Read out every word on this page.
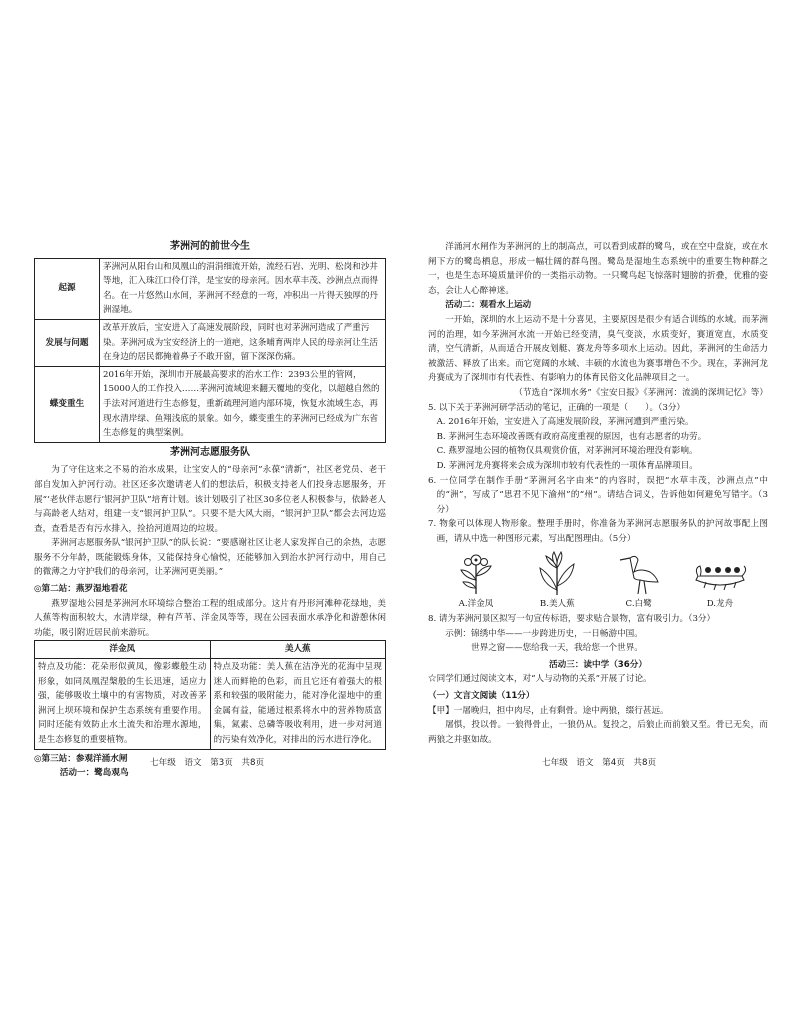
茅洲河的前世今生
起源	茅洲河从阳台山和凤凰山的涓涓细流开始，流经石岩、光明、松岗和沙井等地，汇入珠江口伶仃洋，是宝安的母亲河。因水草丰茂、沙洲点点而得名。在一片悠然山水间，茅洲河不经意的一弯，冲积出一片得天独厚的丹洲湿地。
发展与问题	改革开放后，宝安进入了高速发展阶段，同时也对茅洲河造成了严重污染。茅洲河成为宝安经济上的一道疤，这条哺育两岸人民的母亲河让生活在身边的居民都掩着鼻子不敢开窗，留下深深伤痛。
蝶变重生	2016年开始，深圳市开展最高要求的治水工作：2393公里的管网，15000人的工作投入……茅洲河流域迎来翻天覆地的变化，以超越自然的手法对河道进行生态修复，重新疏理河道内部环境，恢复水流域生态，再现水清岸绿、鱼翔浅底的景象。如今，蝶变重生的茅洲河已经成为广东省生态修复的典型案例。
茅洲河志愿服务队

为了守住这来之不易的治水成果，让宝安人的“母亲河”永葆“清新”，社区老党员、老干部自发加入护河行动。社区还多次邀请老人们的想法后，积极支持老人们投身志愿服务，开展“‘老伙伴志愿行’银河护卫队”培育计划。该计划吸引了社区30多位老人积极参与，依龄老人与高龄老人结对，组建一支“银河护卫队”。只要不是大风大雨，“银河护卫队”都会去河边巡查，查看是否有污水排入，捡拾河道周边的垃圾。

茅洲河志愿服务队“银河护卫队”的队长说：“要感谢社区让老人家发挥自己的余热，志愿服务不分年龄，既能锻炼身体，又能保持身心愉悦，还能够加入到治水护河行动中，用自己的微薄之力守护我们的母亲河，让茅洲河更美丽。”

◎第二站：燕罗湿地看花

燕罗湿地公园是茅洲河水环境综合整治工程的组成部分。这片有丹形河滩种花绿地，美人蕉等构面积较大，水清岸绿，种有芦苇、洋金凤等等，现在公园表面水承净化和游憩休闲功能，吸引附近居民前来游玩。

洋金凤	美人蕉
特点及功能：花朵形似黄凤，像彩蝶般生动形象，如同凤凰涅槃般的生长迅速，适应力强，能够吸收土壤中的有害物质，对改善茅洲河上坝环境和保护生态系统有重要作用。同时还能有效防止水土流失和治理水源地，是生态修复的重要植物。	特点及功能：美人蕉在洁净光的花海中呈现迷人而鲜艳的色彩，而且它还有着强大的根系和较强的吸附能力，能对净化湿地中的重金属有益，能通过根系将水中的营养物质富集，氮素、总磷等吸收利用，进一步对河道的污染有效净化，对排出的污水进行净化。

◎第三站：参观洋涌水闸

活动一：鹭岛观鸟

洋涌河水闸作为茅洲河的上的制高点，可以看到成群的鹭鸟，或在空中盘旋，或在水闸下方的鹭岛栖息，形成一幅壮阔的群鸟图。鹭岛是湿地生态系统中的重要生物种群之一，也是生态环境质量评价的一类指示动物。一只鹭鸟起飞惊落时翅膀的折叠，优雅的姿态，会让人心醉神迷。

活动二：观看水上运动

一开始，深圳的水上运动不是十分喜见，主要原因是很少有适合训练的水域。而茅洲河的治理，如今茅洲河水流一开始已经变清，臭气变淡，水质变好，赛道宽直，水质变清，空气清新，从而适合开展皮划艇、赛龙舟等多项水上运动。因此，茅洲河的生命活力被激活、释放了出来。而它宽阔的水域、丰硕的水流也为赛事增色不少。现在，茅洲河龙舟赛成为了深圳市有代表性、有影响力的体育民俗文化品牌项目之一。

（节选自“深圳水务”《宝安日报》《茅洲河：流淌的深圳记忆》等）

5. 以下关于茅洲河研学活动的笔记，正确的一项是（　　）。（3分）

A. 2016年开始，宝安进入了高速发展阶段，茅洲河遭到严重污染。

B. 茅洲河生态环境改善既有政府高度重视的原因，也有志愿者的功劳。

C. 燕罗湿地公园的植物仅具观赏价值，对茅洲河环境治理没有影响。

D. 茅洲河龙舟赛将来会成为深圳市较有代表性的一项体育品牌项目。

6. 一位同学在制作手册“茅洲河名字由来”的内容时，误把“水草丰茂，沙洲点点”中的“洲”，写成了“思君不见下渝州”的“州”。请结合词义，告诉他如何避免写错字。（3分）

7. 物象可以体现人物形象。整理手册时，你准备为茅洲河志愿服务队的护河故事配上图画，请从中选一种图形元素，写出配图理由。（5分）

A.洋金凤	B.美人蕉	C.白鹭	D.龙舟

8. 请为茅洲河景区拟写一句宣传标语，要求贴合景物，富有吸引力。（3分）

示例：锦绣中华——一步跨进历史，一日畅游中国。

世界之窗——您给我一天，我给您一个世界。

活动三：读中学（36分）

☆同学们通过阅读文本，对“人与动物的关系”开展了讨论。

（一）文言文阅读（11分）

【甲】一屠晚归，担中肉尽，止有剩骨。途中两狼，缀行甚远。

屠惧，投以骨。一狼得骨止，一狼仍从。复投之，后狼止而前狼又至。骨已无矣，而两狼之并驱如故。

七年级　语文　第3页　共8页	七年级　语文　第4页　共8页
